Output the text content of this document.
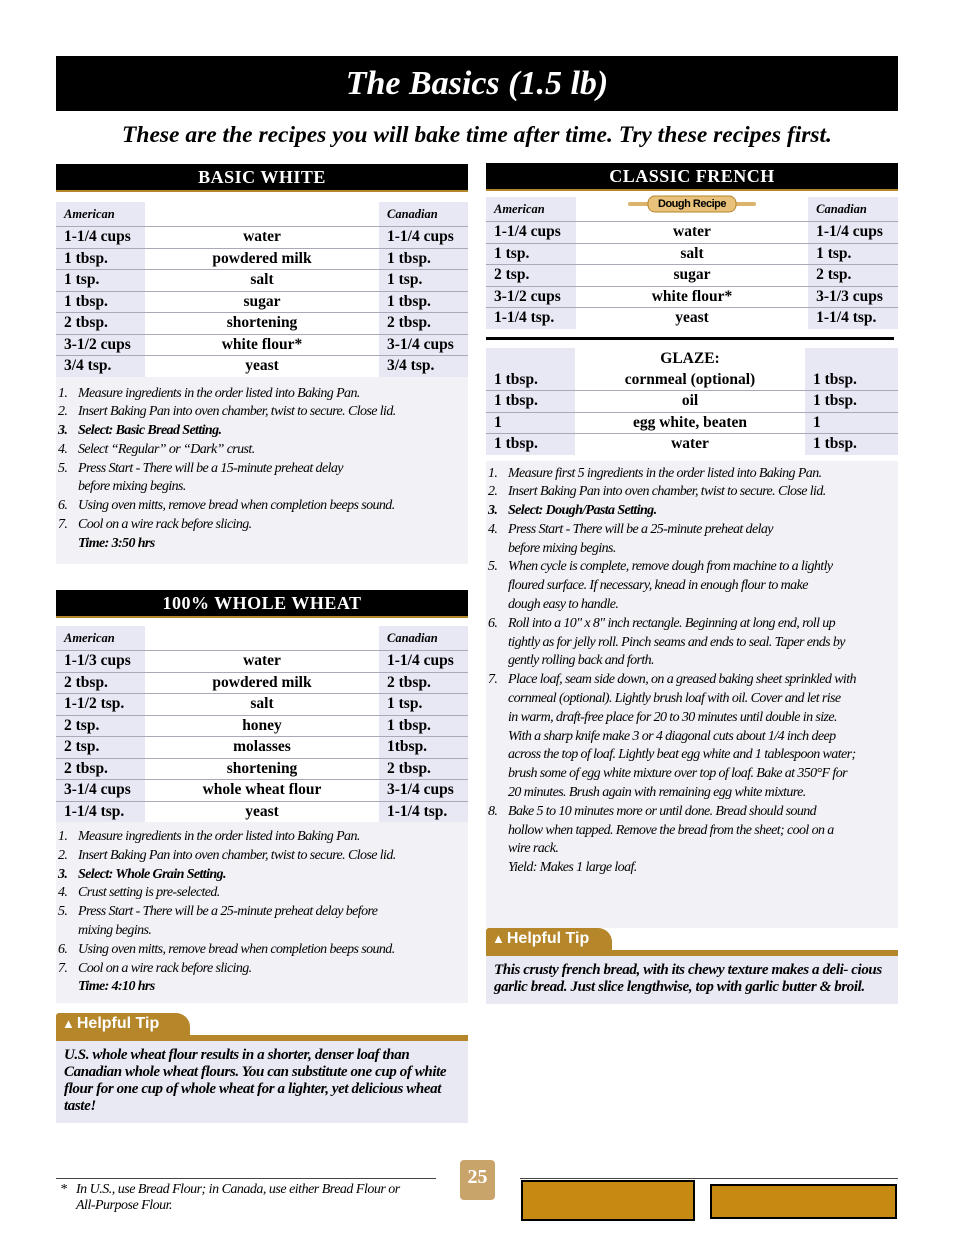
The Basics (1.5 lb)
These are the recipes you will bake time after time. Try these recipes first.
BASIC WHITE
American		Canadian
1-1/4 cups	water	1-1/4 cups
1 tbsp.	powdered milk	1 tbsp.
1 tsp.	salt	1 tsp.
1 tbsp.	sugar	1 tbsp.
2 tbsp.	shortening	2 tbsp.
3-1/2 cups	white flour*	3-1/4 cups
3/4 tsp.	yeast	3/4 tsp.
1. Measure ingredients in the order listed into Baking Pan.
2. Insert Baking Pan into oven chamber, twist to secure. Close lid.
3. Select: Basic Bread Setting.
4. Select “Regular” or “Dark” crust.
5. Press Start - There will be a 15-minute preheat delay
before mixing begins.
6. Using oven mitts, remove bread when completion beeps sound.
7. Cool on a wire rack before slicing.
Time: 3:50 hrs
100% WHOLE WHEAT
American		Canadian
1-1/3 cups	water	1-1/4 cups
2 tbsp.	powdered milk	2 tbsp.
1-1/2 tsp.	salt	1 tsp.
2 tsp.	honey	1 tbsp.
2 tsp.	molasses	1tbsp.
2 tbsp.	shortening	2 tbsp.
3-1/4 cups	whole wheat flour	3-1/4 cups
1-1/4 tsp.	yeast	1-1/4 tsp.
1. Measure ingredients in the order listed into Baking Pan.
2. Insert Baking Pan into oven chamber, twist to secure. Close lid.
3. Select: Whole Grain Setting.
4. Crust setting is pre-selected.
5. Press Start - There will be a 25-minute preheat delay before
mixing begins.
6. Using oven mitts, remove bread when completion beeps sound.
7. Cool on a wire rack before slicing.
Time: 4:10 hrs
▲ Helpful Tip
U.S. whole wheat flour results in a shorter, denser loaf than Canadian whole wheat flours. You can substitute one cup of white flour for one cup of whole wheat for a lighter, yet delicious wheat taste!
CLASSIC FRENCH
American		Canadian
1-1/4 cups	water	1-1/4 cups
1 tsp.	salt	1 tsp.
2 tsp.	sugar	2 tsp.
3-1/2 cups	white flour*	3-1/3 cups
1-1/4 tsp.	yeast	1-1/4 tsp.
	GLAZE:	
1 tbsp.	cornmeal (optional)	1 tbsp.
1 tbsp.	oil	1 tbsp.
1	egg white, beaten	1
1 tbsp.	water	1 tbsp.
1. Measure first 5 ingredients in the order listed into Baking Pan.
2. Insert Baking Pan into oven chamber, twist to secure. Close lid.
3. Select: Dough/Pasta Setting.
4. Press Start - There will be a 25-minute preheat delay
before mixing begins.
5. When cycle is complete, remove dough from machine to a lightly
floured surface. If necessary, knead in enough flour to make
dough easy to handle.
6. Roll into a 10" x 8" inch rectangle. Beginning at long end, roll up
tightly as for jelly roll. Pinch seams and ends to seal. Taper ends by
gently rolling back and forth.
7. Place loaf, seam side down, on a greased baking sheet sprinkled with
cornmeal (optional). Lightly brush loaf with oil. Cover and let rise
in warm, draft-free place for 20 to 30 minutes until double in size.
With a sharp knife make 3 or 4 diagonal cuts about 1/4 inch deep
across the top of loaf. Lightly beat egg white and 1 tablespoon water;
brush some of egg white mixture over top of loaf. Bake at 350°F for
20 minutes. Brush again with remaining egg white mixture.
8. Bake 5 to 10 minutes more or until done. Bread should sound
hollow when tapped. Remove the bread from the sheet; cool on a
wire rack.
Yield: Makes 1 large loaf.
▲ Helpful Tip
This crusty french bread, with its chewy texture makes a deli- cious garlic bread. Just slice lengthwise, top with garlic butter & broil.
Dough Recipe
* In U.S., use Bread Flour; in Canada, use either Bread Flour or
All-Purpose Flour.
25
